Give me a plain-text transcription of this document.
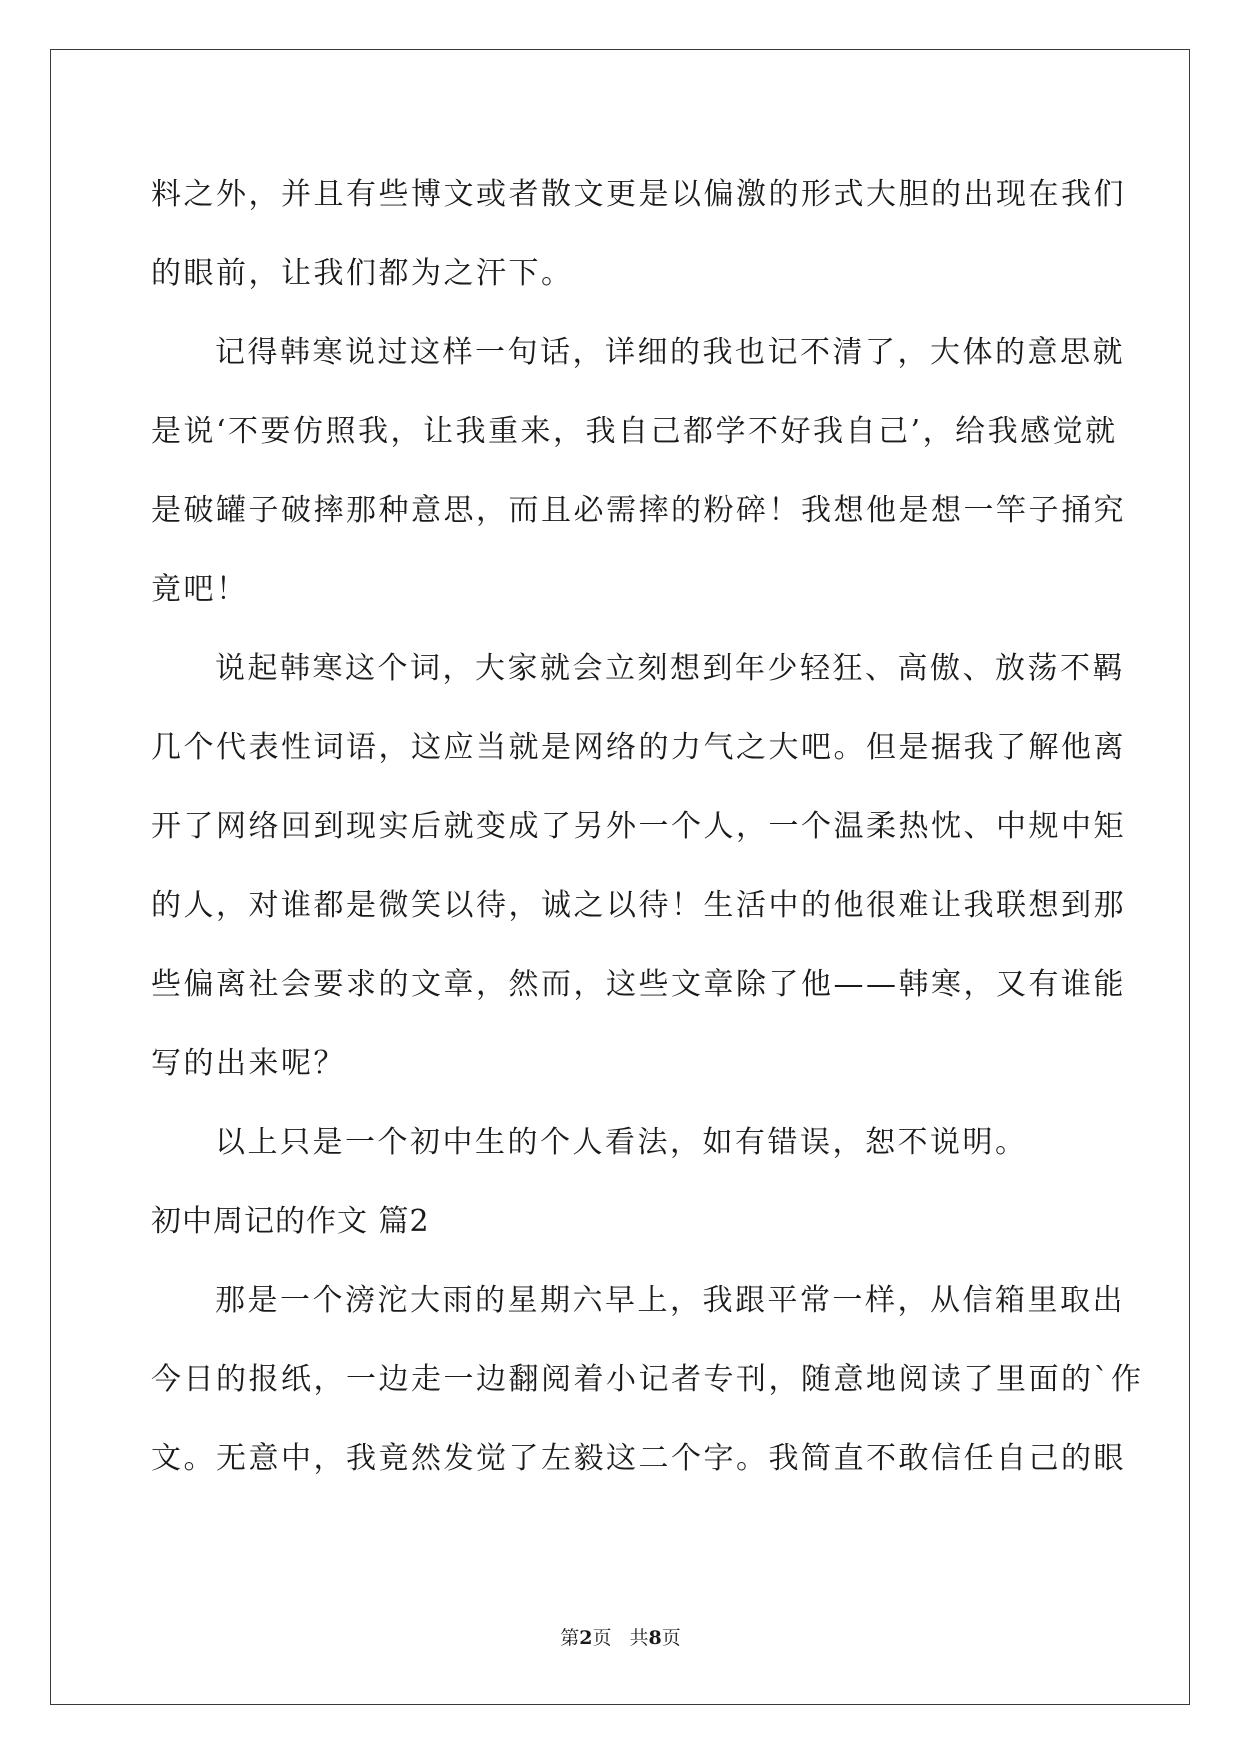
料之外，并且有些博文或者散文更是以偏激的形式大胆的出现在我们
的眼前，让我们都为之汗下。
记得韩寒说过这样一句话，详细的我也记不清了，大体的意思就
是说‘不要仿照我，让我重来，我自己都学不好我自己’，给我感觉就
是破罐子破摔那种意思，而且必需摔的粉碎！我想他是想一竿子捅究
竟吧！
说起韩寒这个词，大家就会立刻想到年少轻狂、高傲、放荡不羁
几个代表性词语，这应当就是网络的力气之大吧。但是据我了解他离
开了网络回到现实后就变成了另外一个人，一个温柔热忱、中规中矩
的人，对谁都是微笑以待，诚之以待！生活中的他很难让我联想到那
些偏离社会要求的文章，然而，这些文章除了他——韩寒，又有谁能
写的出来呢？
以上只是一个初中生的个人看法，如有错误，恕不说明。
初中周记的作文 篇2
那是一个滂沱大雨的星期六早上，我跟平常一样，从信箱里取出
今日的报纸，一边走一边翻阅着小记者专刊，随意地阅读了里面的`作
文。无意中，我竟然发觉了左毅这二个字。我简直不敢信任自己的眼
第2页 共8页
